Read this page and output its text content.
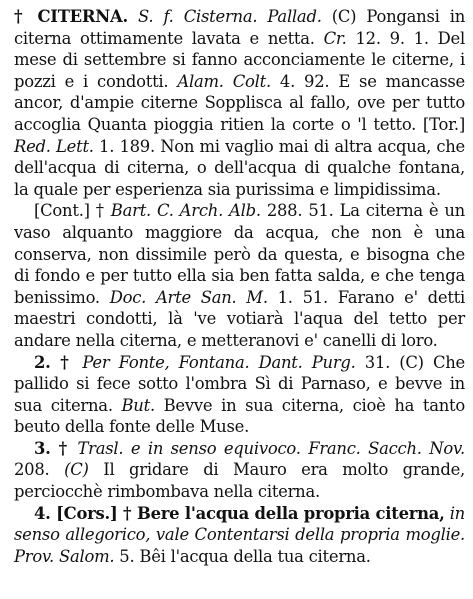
† CITERNA. S. f. Cisterna. Pallad. (C) Pongansi in citerna ottimamente lavata e netta. Cr. 12. 9. 1. Del mese di settembre si fanno acconciamente le citerne, i pozzi e i condotti. Alam. Colt. 4. 92. E se mancasse ancor, d'ampie citerne Sopplisca al fallo, ove per tutto accoglia Quanta pioggia ritien la corte o 'l tetto. [Tor.] Red. Lett. 1. 189. Non mi vaglio mai di altra acqua, che dell'acqua di citerna, o dell'acqua di qualche fontana, la quale per esperienza sia purissima e limpidissima.

[Cont.] † Bart. C. Arch. Alb. 288. 51. La citerna è un vaso alquanto maggiore da acqua, che non è una conserva, non dissimile però da questa, e bisogna che di fondo e per tutto ella sia ben fatta salda, e che tenga benissimo. Doc. Arte San. M. 1. 51. Farano e' detti maestri condotti, là 've votiarà l'aqua del tetto per andare nella citerna, e metteranovi e' canelli di loro.

2. † Per Fonte, Fontana. Dant. Purg. 31. (C) Che pallido si fece sotto l'ombra Sì di Parnaso, e bevve in sua citerna. But. Bevve in sua citerna, cioè ha tanto beuto della fonte delle Muse.

3. † Trasl. e in senso equivoco. Franc. Sacch. Nov. 208. (C) Il gridare di Mauro era molto grande, perciocchè rimbombava nella citerna.

4. [Cors.] † Bere l'acqua della propria citerna, in senso allegorico, vale Contentarsi della propria moglie. Prov. Salom. 5. Bêi l'acqua della tua citerna.
